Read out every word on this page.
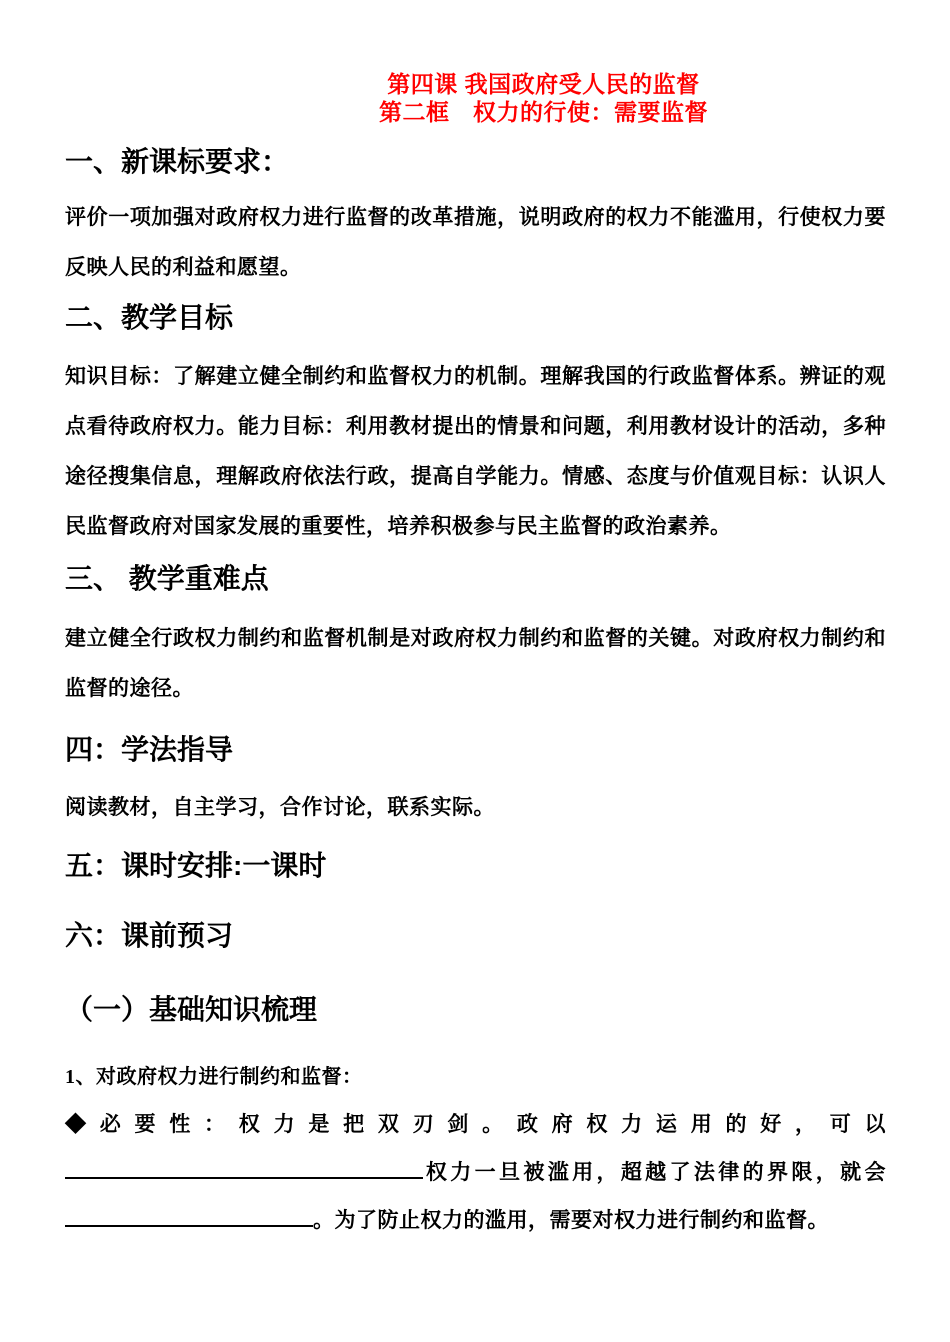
第四课 我国政府受人民的监督
第二框　权力的行使：需要监督
一、新课标要求：

评价一项加强对政府权力进行监督的改革措施，说明政府的权力不能滥用，行使权力要反映人民的利益和愿望。

二、教学目标

知识目标：了解建立健全制约和监督权力的机制。理解我国的行政监督体系。辨证的观点看待政府权力。能力目标：利用教材提出的情景和问题，利用教材设计的活动，多种途径搜集信息，理解政府依法行政，提高自学能力。情感、态度与价值观目标：认识人民监督政府对国家发展的重要性，培养积极参与民主监督的政治素养。

三、 教学重难点

建立健全行政权力制约和监督机制是对政府权力制约和监督的关键。对政府权力制约和监督的途径。

四：学法指导

阅读教材，自主学习，合作讨论，联系实际。

五：课时安排:一课时
六：课前预习
（一）基础知识梳理

1、对政府权力进行制约和监督：

◆必要性：权力是把双刃剑。政府权力运用的好，可以权力一旦被滥用，超越了法律的界限，就会。为了防止权力的滥用，需要对权力进行制约和监督。
